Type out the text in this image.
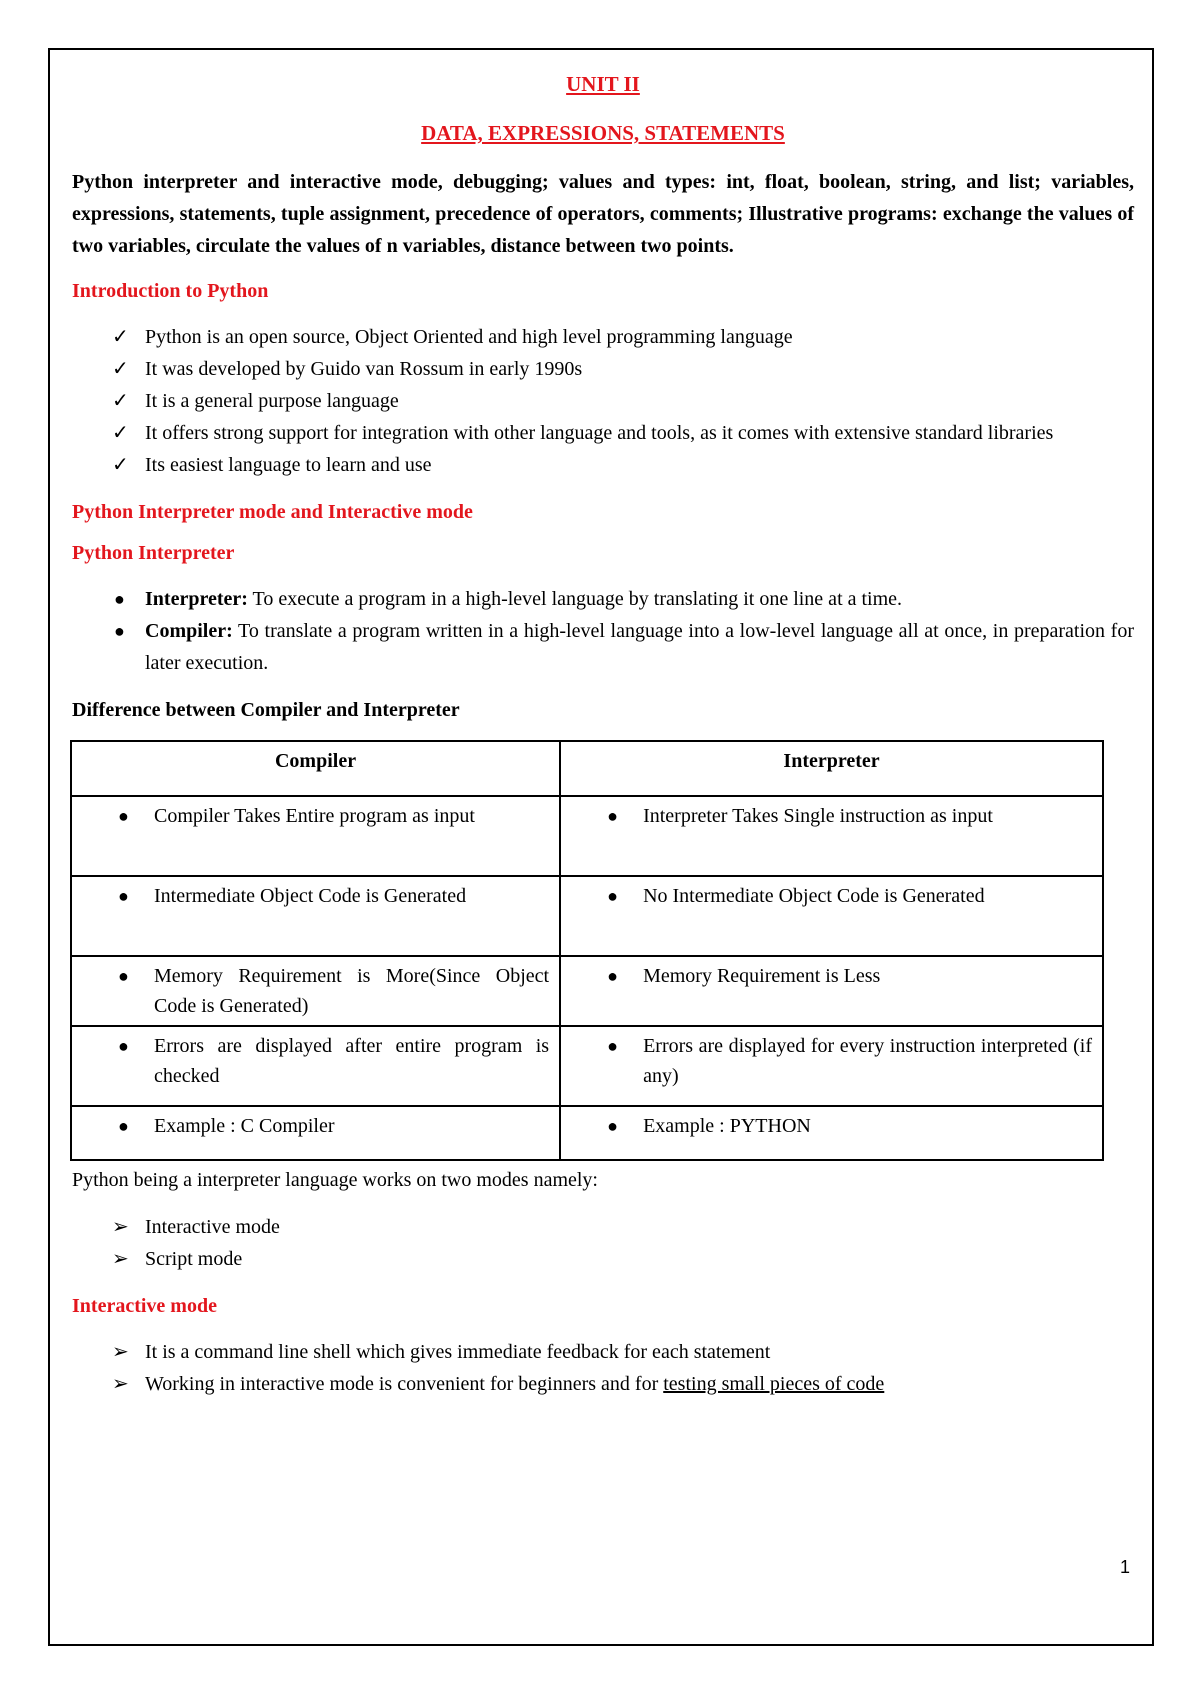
UNIT II
DATA, EXPRESSIONS, STATEMENTS

Python interpreter and interactive mode, debugging; values and types: int, float, boolean, string, and list; variables, expressions, statements, tuple assignment, precedence of operators, comments; Illustrative programs: exchange the values of two variables, circulate the values of n variables, distance between two points.

Introduction to Python
✓ Python is an open source, Object Oriented and high level programming language
✓ It was developed by Guido van Rossum in early 1990s
✓ It is a general purpose language
✓ It offers strong support for integration with other language and tools, as it comes with extensive standard libraries
✓ Its easiest language to learn and use
Python Interpreter mode and Interactive mode
Python Interpreter
●	Interpreter: To execute a program in a high-level language by translating it one line at a time.
●	Compiler: To translate a program written in a high-level language into a low-level language all at once, in preparation for later execution.
Difference between Compiler and Interpreter
Compiler	Interpreter

● Compiler Takes Entire program as input	● Interpreter Takes Single instruction as input

● Intermediate Object Code is Generated	● No Intermediate Object Code is Generated

● Memory Requirement is More(Since Object Code is Generated)	● Memory Requirement is Less

● Errors are displayed after entire program is checked	● Errors are displayed for every instruction interpreted (if any)

● Example : C Compiler	● Example : PYTHON

Python being a interpreter language works on two modes namely:

➢ Interactive mode
➢ Script mode
Interactive mode
➢ It is a command line shell which gives immediate feedback for each statement
➢ Working in interactive mode is convenient for beginners and for testing small pieces of code
1
